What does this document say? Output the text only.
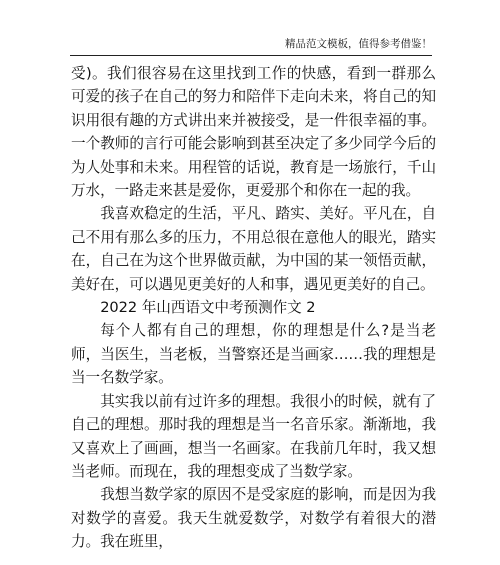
精品范文模板，值得参考借鉴！

受)。我们很容易在这里找到工作的快感，看到一群那么可爱的孩子在自己的努力和陪伴下走向未来，将自己的知识用很有趣的方式讲出来并被接受，是一件很幸福的事。一个教师的言行可能会影响到甚至决定了多少同学今后的为人处事和未来。用程管的话说，教育是一场旅行，千山万水，一路走来甚是爱你，更爱那个和你在一起的我。

我喜欢稳定的生活，平凡、踏实、美好。平凡在，自己不用有那么多的压力，不用总很在意他人的眼光，踏实在，自己在为这个世界做贡献，为中国的某一领悟贡献，美好在，可以遇见更美好的人和事，遇见更美好的自己。

2022 年山西语文中考预测作文 2

每个人都有自己的理想，你的理想是什么?是当老师，当医生，当老板，当警察还是当画家……我的理想是当一名数学家。

其实我以前有过许多的理想。我很小的时候，就有了自己的理想。那时我的理想是当一名音乐家。渐渐地，我又喜欢上了画画，想当一名画家。在我前几年时，我又想当老师。而现在，我的理想变成了当数学家。

我想当数学家的原因不是受家庭的影响，而是因为我对数学的喜爱。我天生就爱数学，对数学有着很大的潜力。我在班里，
